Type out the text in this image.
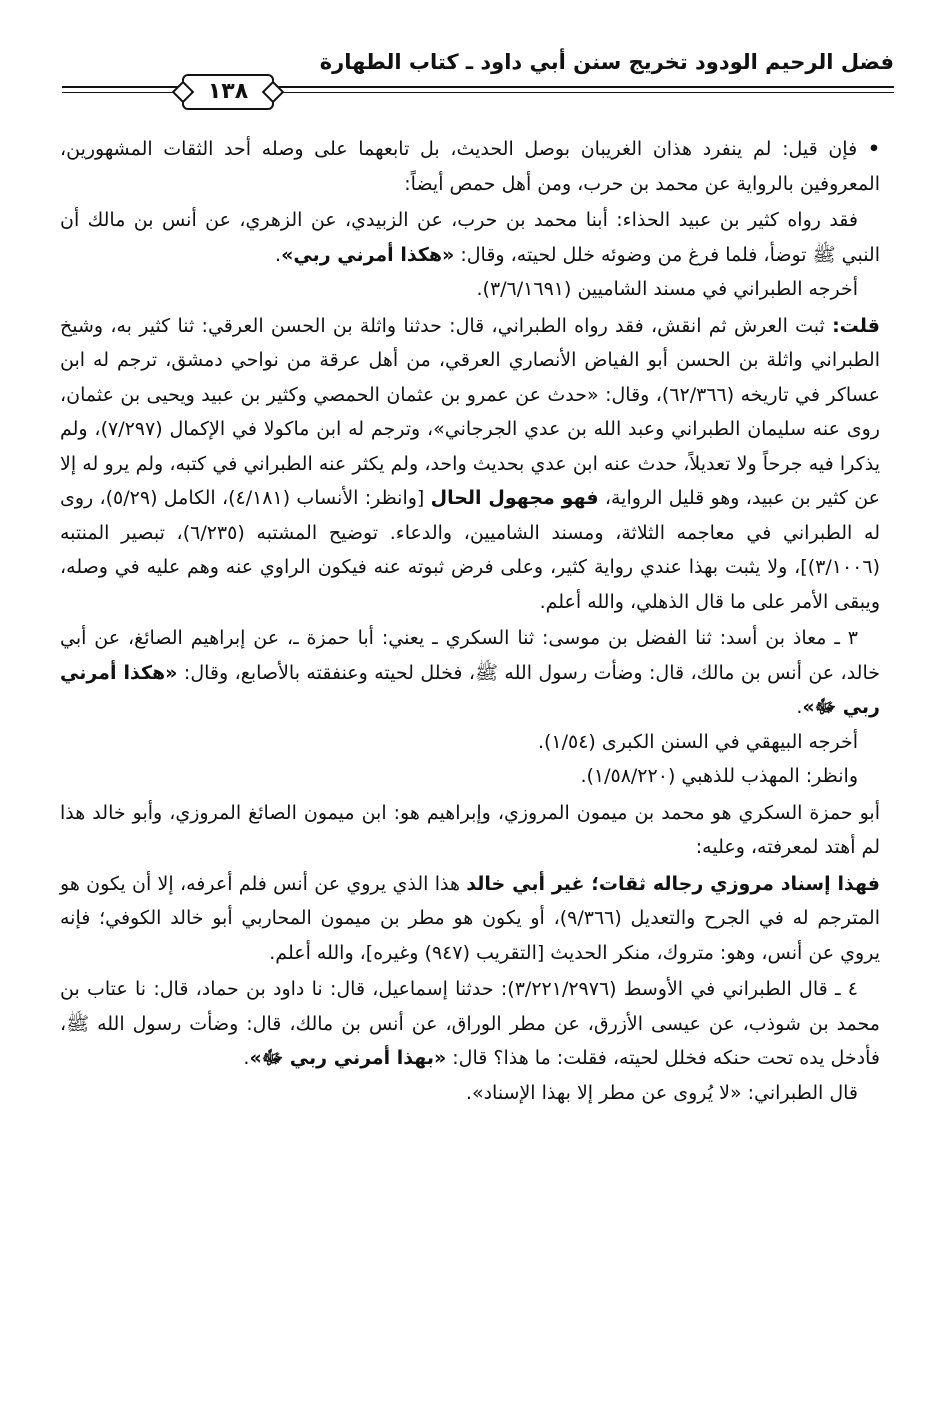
فضل الرحيم الودود تخريج سنن أبي داود ـ كتاب الطهارة
١٣٨

• فإن قيل: لم ينفرد هذان الغريبان بوصل الحديث، بل تابعهما على وصله أحد الثقات المشهورين، المعروفين بالرواية عن محمد بن حرب، ومن أهل حمص أيضاً:

فقد رواه كثير بن عبيد الحذاء: أبنا محمد بن حرب، عن الزبيدي، عن الزهري، عن أنس بن مالك أن النبي ﷺ توضأ، فلما فرغ من وضوئه خلل لحيته، وقال: «هكذا أمرني ربي».

أخرجه الطبراني في مسند الشاميين (٣/٦/١٦٩١).

قلت: ثبت العرش ثم انقش، فقد رواه الطبراني، قال: حدثنا واثلة بن الحسن العرقي: ثنا كثير به، وشيخ الطبراني واثلة بن الحسن أبو الفياض الأنصاري العرقي، من أهل عرقة من نواحي دمشق، ترجم له ابن عساكر في تاريخه (٦٢/٣٦٦)، وقال: «حدث عن عمرو بن عثمان الحمصي وكثير بن عبيد ويحيى بن عثمان، روى عنه سليمان الطبراني وعبد الله بن عدي الجرجاني»، وترجم له ابن ماكولا في الإكمال (٧/٢٩٧)، ولم يذكرا فيه جرحاً ولا تعديلاً، حدث عنه ابن عدي بحديث واحد، ولم يكثر عنه الطبراني في كتبه، ولم يرو له إلا عن كثير بن عبيد، وهو قليل الرواية، فهو مجهول الحال [وانظر: الأنساب (٤/١٨١)، الكامل (٥/٢٩)، روى له الطبراني في معاجمه الثلاثة، ومسند الشاميين، والدعاء. توضيح المشتبه (٦/٢٣٥)، تبصير المنتبه (٣/١٠٠٦)]، ولا يثبت بهذا عندي رواية كثير، وعلى فرض ثبوته عنه فيكون الراوي عنه وهم عليه في وصله، ويبقى الأمر على ما قال الذهلي، والله أعلم.

٣ ـ معاذ بن أسد: ثنا الفضل بن موسى: ثنا السكري ـ يعني: أبا حمزة ـ، عن إبراهيم الصائغ، عن أبي خالد، عن أنس بن مالك، قال: وضأت رسول الله ﷺ، فخلل لحيته وعنفقته بالأصابع، وقال: «هكذا أمرني ربي ﷻ».

أخرجه البيهقي في السنن الكبرى (١/٥٤).

وانظر: المهذب للذهبي (١/٥٨/٢٢٠).

أبو حمزة السكري هو محمد بن ميمون المروزي، وإبراهيم هو: ابن ميمون الصائغ المروزي، وأبو خالد هذا لم أهتد لمعرفته، وعليه:

فهذا إسناد مروزي رجاله ثقات؛ غير أبي خالد هذا الذي يروي عن أنس فلم أعرفه، إلا أن يكون هو المترجم له في الجرح والتعديل (٩/٣٦٦)، أو يكون هو مطر بن ميمون المحاربي أبو خالد الكوفي؛ فإنه يروي عن أنس، وهو: متروك، منكر الحديث [التقريب (٩٤٧) وغيره]، والله أعلم.

٤ ـ قال الطبراني في الأوسط (٣/٢٢١/٢٩٧٦): حدثنا إسماعيل، قال: نا داود بن حماد، قال: نا عتاب بن محمد بن شوذب، عن عيسى الأزرق، عن مطر الوراق، عن أنس بن مالك، قال: وضأت رسول الله ﷺ، فأدخل يده تحت حنكه فخلل لحيته، فقلت: ما هذا؟ قال: «بهذا أمرني ربي ﷻ».

قال الطبراني: «لا يُروى عن مطر إلا بهذا الإسناد».
